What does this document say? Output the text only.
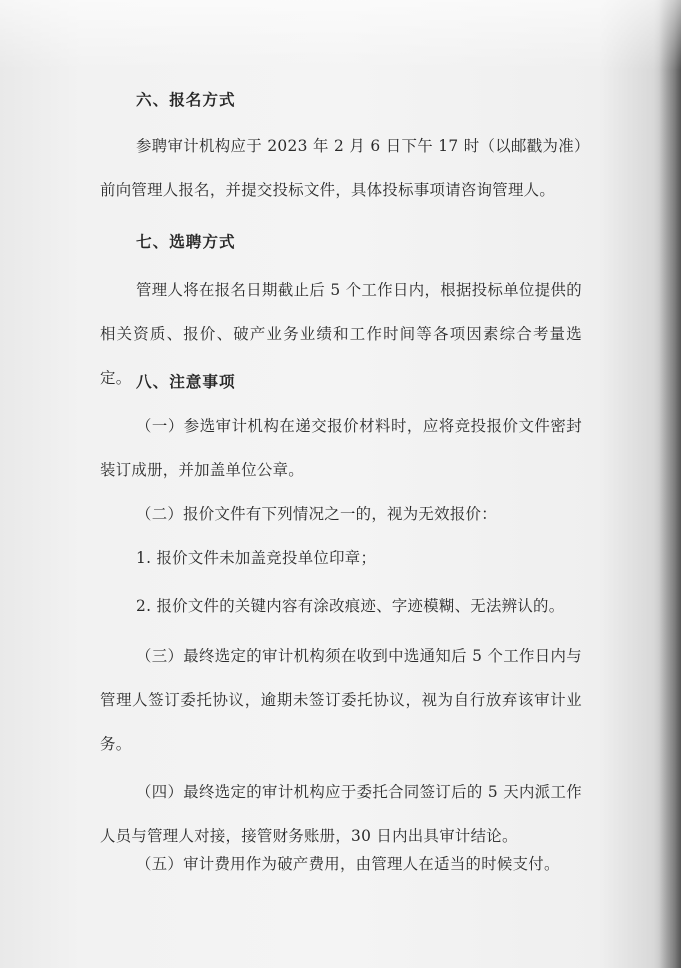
六、报名方式

参聘审计机构应于 2023 年 2 月 6 日下午 17 时（以邮戳为准）前向管理人报名，并提交投标文件，具体投标事项请咨询管理人。

七、选聘方式

管理人将在报名日期截止后 5 个工作日内，根据投标单位提供的相关资质、报价、破产业务业绩和工作时间等各项因素综合考量选定。 八、注意事项

（一）参选审计机构在递交报价材料时，应将竞投报价文件密封装订成册，并加盖单位公章。

（二）报价文件有下列情况之一的，视为无效报价：

1. 报价文件未加盖竞投单位印章；

2. 报价文件的关键内容有涂改痕迹、字迹模糊、无法辨认的。

（三）最终选定的审计机构须在收到中选通知后 5 个工作日内与管理人签订委托协议，逾期未签订委托协议，视为自行放弃该审计业务。

（四）最终选定的审计机构应于委托合同签订后的 5 天内派工作人员与管理人对接，接管财务账册，30 日内出具审计结论。

（五）审计费用作为破产费用，由管理人在适当的时候支付。
